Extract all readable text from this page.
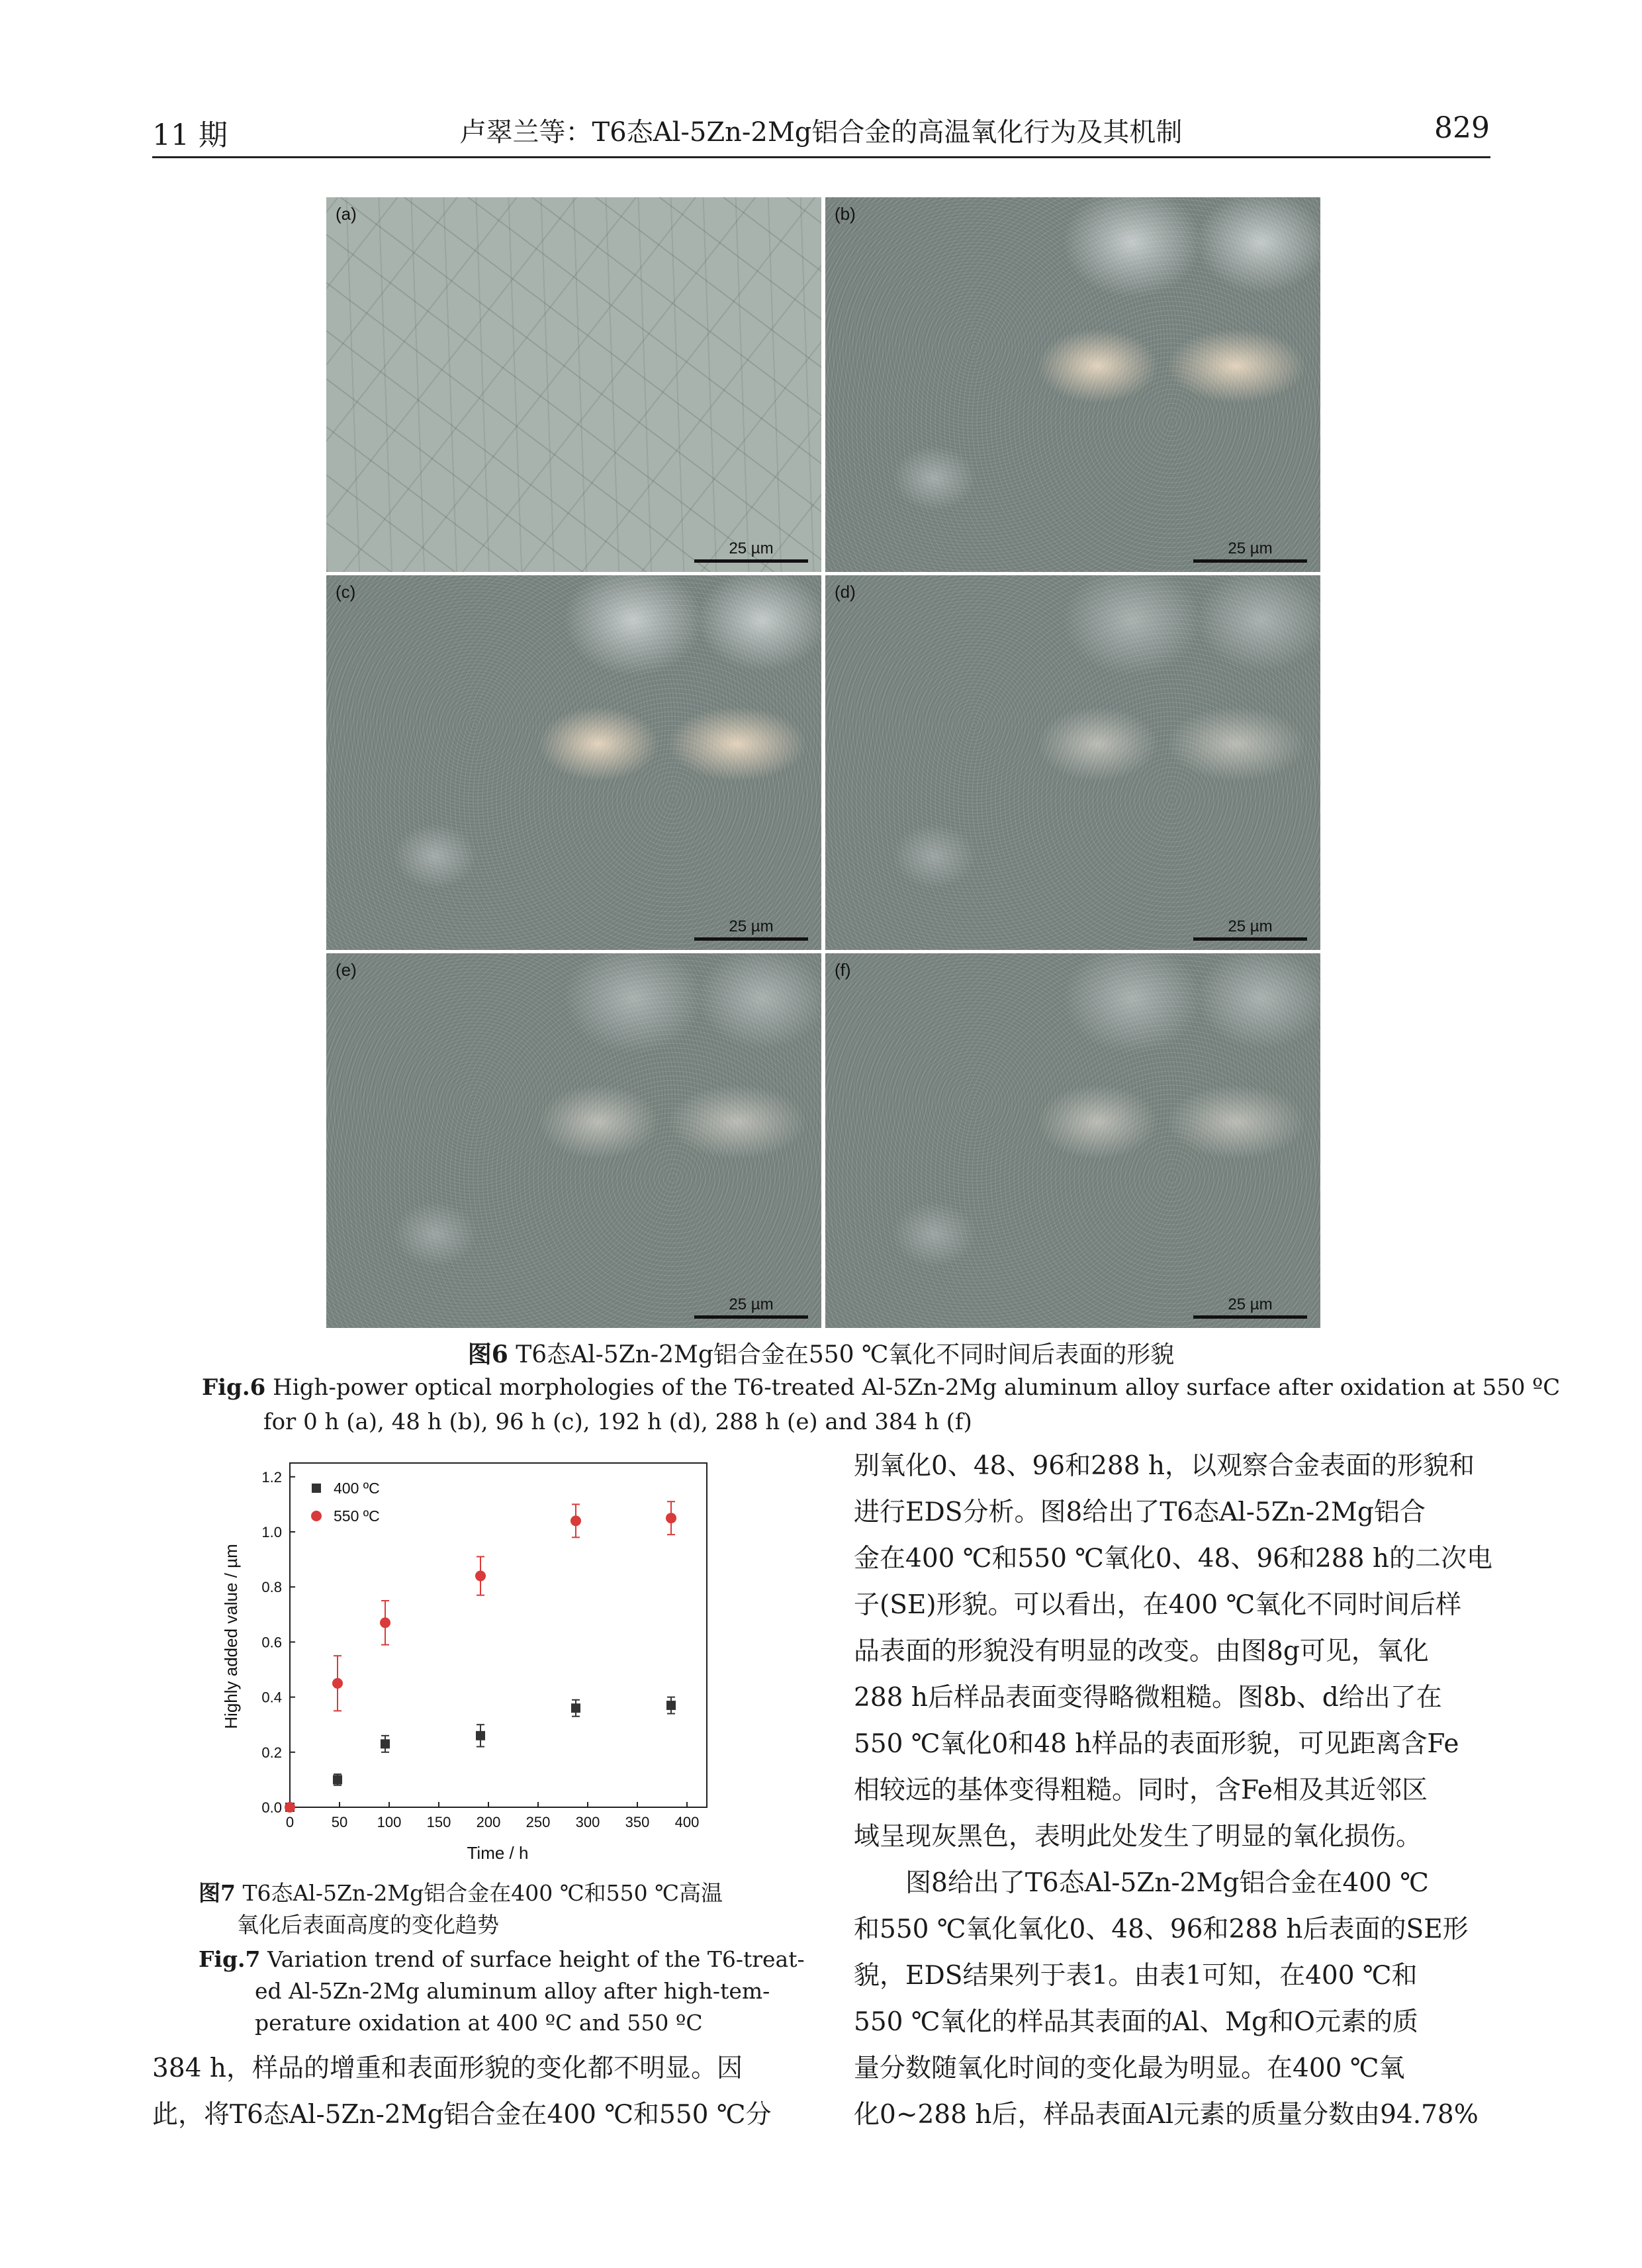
11 期	卢翠兰等：T6态Al-5Zn-2Mg铝合金的高温氧化行为及其机制	829
(a)
25 µm
(b)
25 µm
(c)
25 µm
(d)
25 µm
(e)
25 µm
(f)
25 µm
图6 T6态Al-5Zn-2Mg铝合金在550 ℃氧化不同时间后表面的形貌
Fig.6 High-power optical morphologies of the T6-treated Al-5Zn-2Mg aluminum alloy surface after oxidation at 550 ºC
for 0 h (a), 48 h (b), 96 h (c), 192 h (d), 288 h (e) and 384 h (f)
0	50 100 150 200 250 300 350 400
0.0
0.2
0.4
0.6
0.8
1.0
1.2
400 ºC
550 ºC
Time / h
Highly added value / µm
图7 T6态Al-5Zn-2Mg铝合金在400 ℃和550 ℃高温
氧化后表面高度的变化趋势
Fig.7 Variation trend of surface height of the T6-treat-
ed Al-5Zn-2Mg aluminum alloy after high-tem-
perature oxidation at 400 ºC and 550 ºC
384 h，样品的增重和表面形貌的变化都不明显。因
此，将T6态Al-5Zn-2Mg铝合金在400 ℃和550 ℃分
别氧化0、48、96和288 h，以观察合金表面的形貌和
进行EDS分析。图8给出了T6态Al-5Zn-2Mg铝合
金在400 ℃和550 ℃氧化0、48、96和288 h的二次电
子(SE)形貌。可以看出，在400 ℃氧化不同时间后样
品表面的形貌没有明显的改变。由图8g可见，氧化
288 h后样品表面变得略微粗糙。图8b、d给出了在
550 ℃氧化0和48 h样品的表面形貌，可见距离含Fe
相较远的基体变得粗糙。同时，含Fe相及其近邻区
域呈现灰黑色，表明此处发生了明显的氧化损伤。
　　图8给出了T6态Al-5Zn-2Mg铝合金在400 ℃
和550 ℃氧化氧化0、48、96和288 h后表面的SE形
貌，EDS结果列于表1。由表1可知，在400 ℃和
550 ℃氧化的样品其表面的Al、Mg和O元素的质
量分数随氧化时间的变化最为明显。在400 ℃氧
化0~288 h后，样品表面Al元素的质量分数由94.78%
